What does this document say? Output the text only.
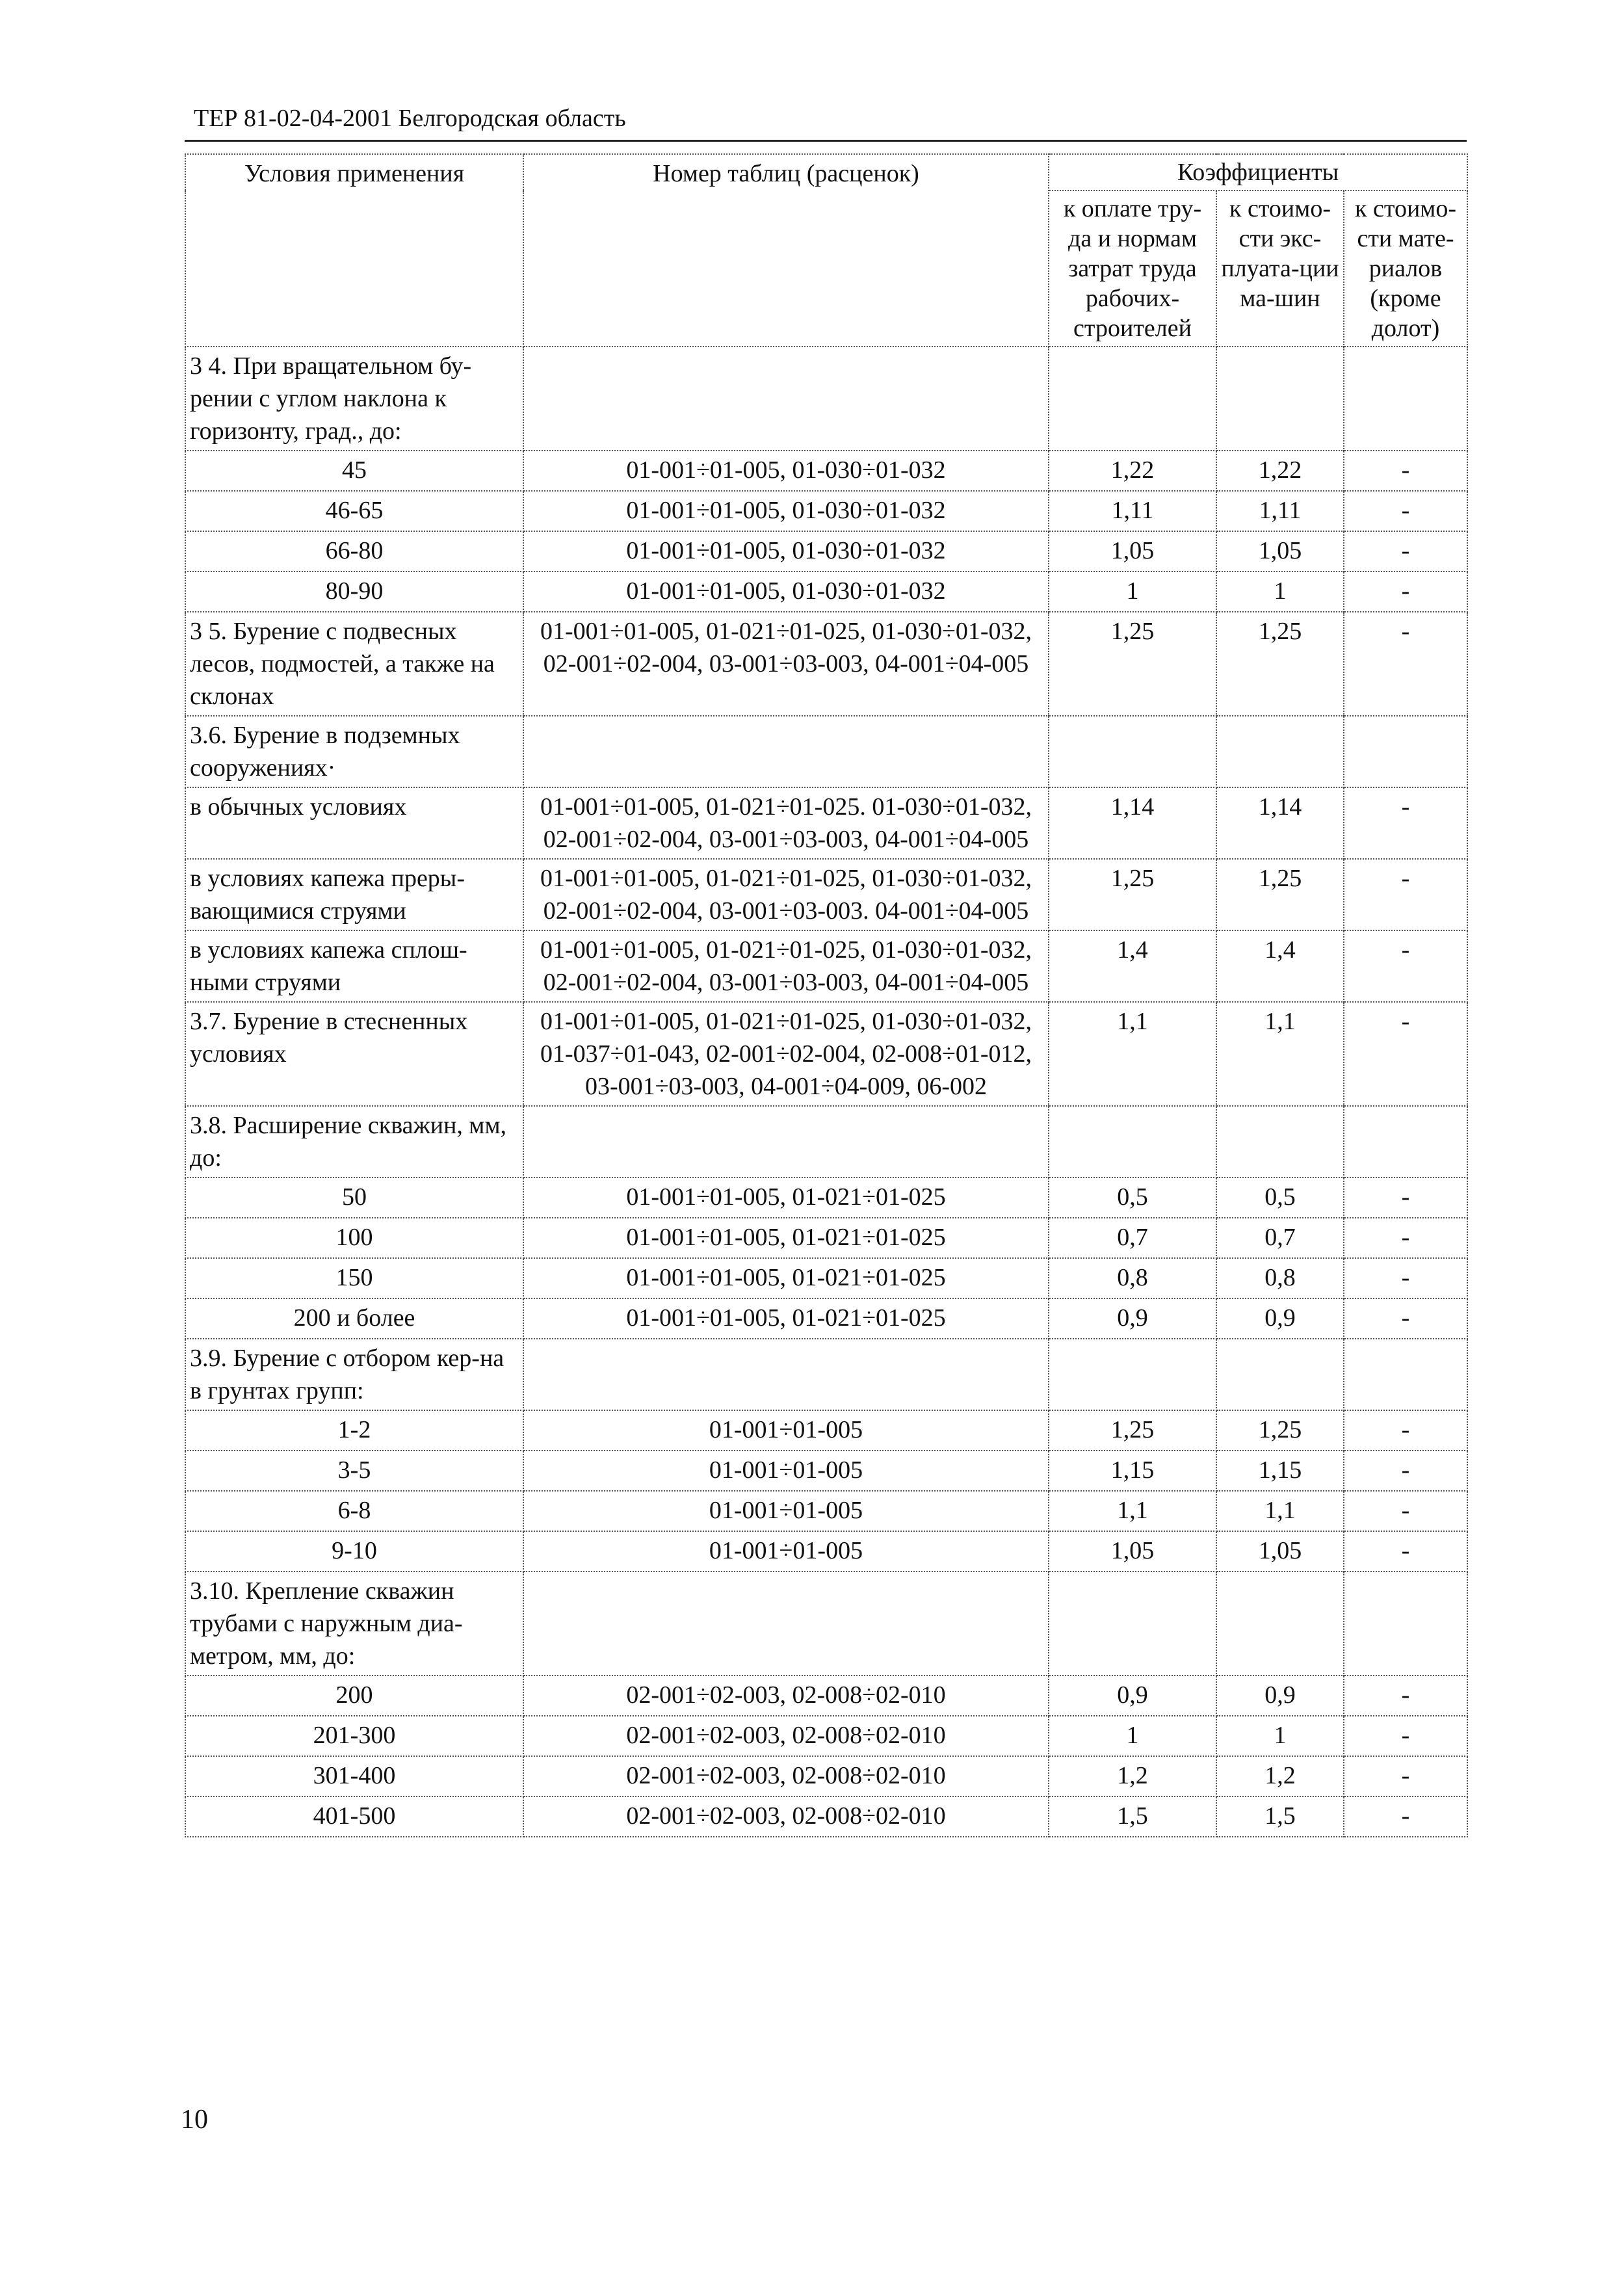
ТЕР 81-02-04-2001 Белгородская область
Условия применения	Номер таблиц (расценок)	Коэффициенты		
		к оплате тру-да и нормам затрат труда рабочих-строителей	к стоимо-сти экс-плуата-ции ма-шин	к стоимо-сти мате-риалов (кроме долот)
3 4. При вращательном бу-рении с углом наклона к горизонту, град., до:				
45	01-001÷01-005, 01-030÷01-032	1,22	1,22	-
46-65	01-001÷01-005, 01-030÷01-032	1,11	1,11	-
66-80	01-001÷01-005, 01-030÷01-032	1,05	1,05	-
80-90	01-001÷01-005, 01-030÷01-032	1	1	-
3 5. Бурение с подвесных лесов, подмостей, а также на склонах	01-001÷01-005, 01-021÷01-025, 01-030÷01-032, 02-001÷02-004, 03-001÷03-003, 04-001÷04-005	1,25	1,25	-
3.6. Бурение в подземных сооружениях·				
в обычных условиях	01-001÷01-005, 01-021÷01-025. 01-030÷01-032, 02-001÷02-004, 03-001÷03-003, 04-001÷04-005	1,14	1,14	-
в условиях капежа преры-вающимися струями	01-001÷01-005, 01-021÷01-025, 01-030÷01-032, 02-001÷02-004, 03-001÷03-003. 04-001÷04-005	1,25	1,25	-
в условиях капежа сплош-ными струями	01-001÷01-005, 01-021÷01-025, 01-030÷01-032, 02-001÷02-004, 03-001÷03-003, 04-001÷04-005	1,4	1,4	-
3.7. Бурение в стесненных условиях	01-001÷01-005, 01-021÷01-025, 01-030÷01-032, 01-037÷01-043, 02-001÷02-004, 02-008÷01-012, 03-001÷03-003, 04-001÷04-009, 06-002	1,1	1,1	-
3.8. Расширение скважин, мм, до:				
50	01-001÷01-005, 01-021÷01-025	0,5	0,5	-
100	01-001÷01-005, 01-021÷01-025	0,7	0,7	-
150	01-001÷01-005, 01-021÷01-025	0,8	0,8	-
200 и более	01-001÷01-005, 01-021÷01-025	0,9	0,9	-
3.9. Бурение с отбором кер-на в грунтах групп:				
1-2	01-001÷01-005	1,25	1,25	-
3-5	01-001÷01-005	1,15	1,15	-
6-8	01-001÷01-005	1,1	1,1	-
9-10	01-001÷01-005	1,05	1,05	-
3.10. Крепление скважин трубами с наружным диа-метром, мм, до:				
200	02-001÷02-003, 02-008÷02-010	0,9	0,9	-
201-300	02-001÷02-003, 02-008÷02-010	1	1	-
301-400	02-001÷02-003, 02-008÷02-010	1,2	1,2	-
401-500	02-001÷02-003, 02-008÷02-010	1,5	1,5	-
10
